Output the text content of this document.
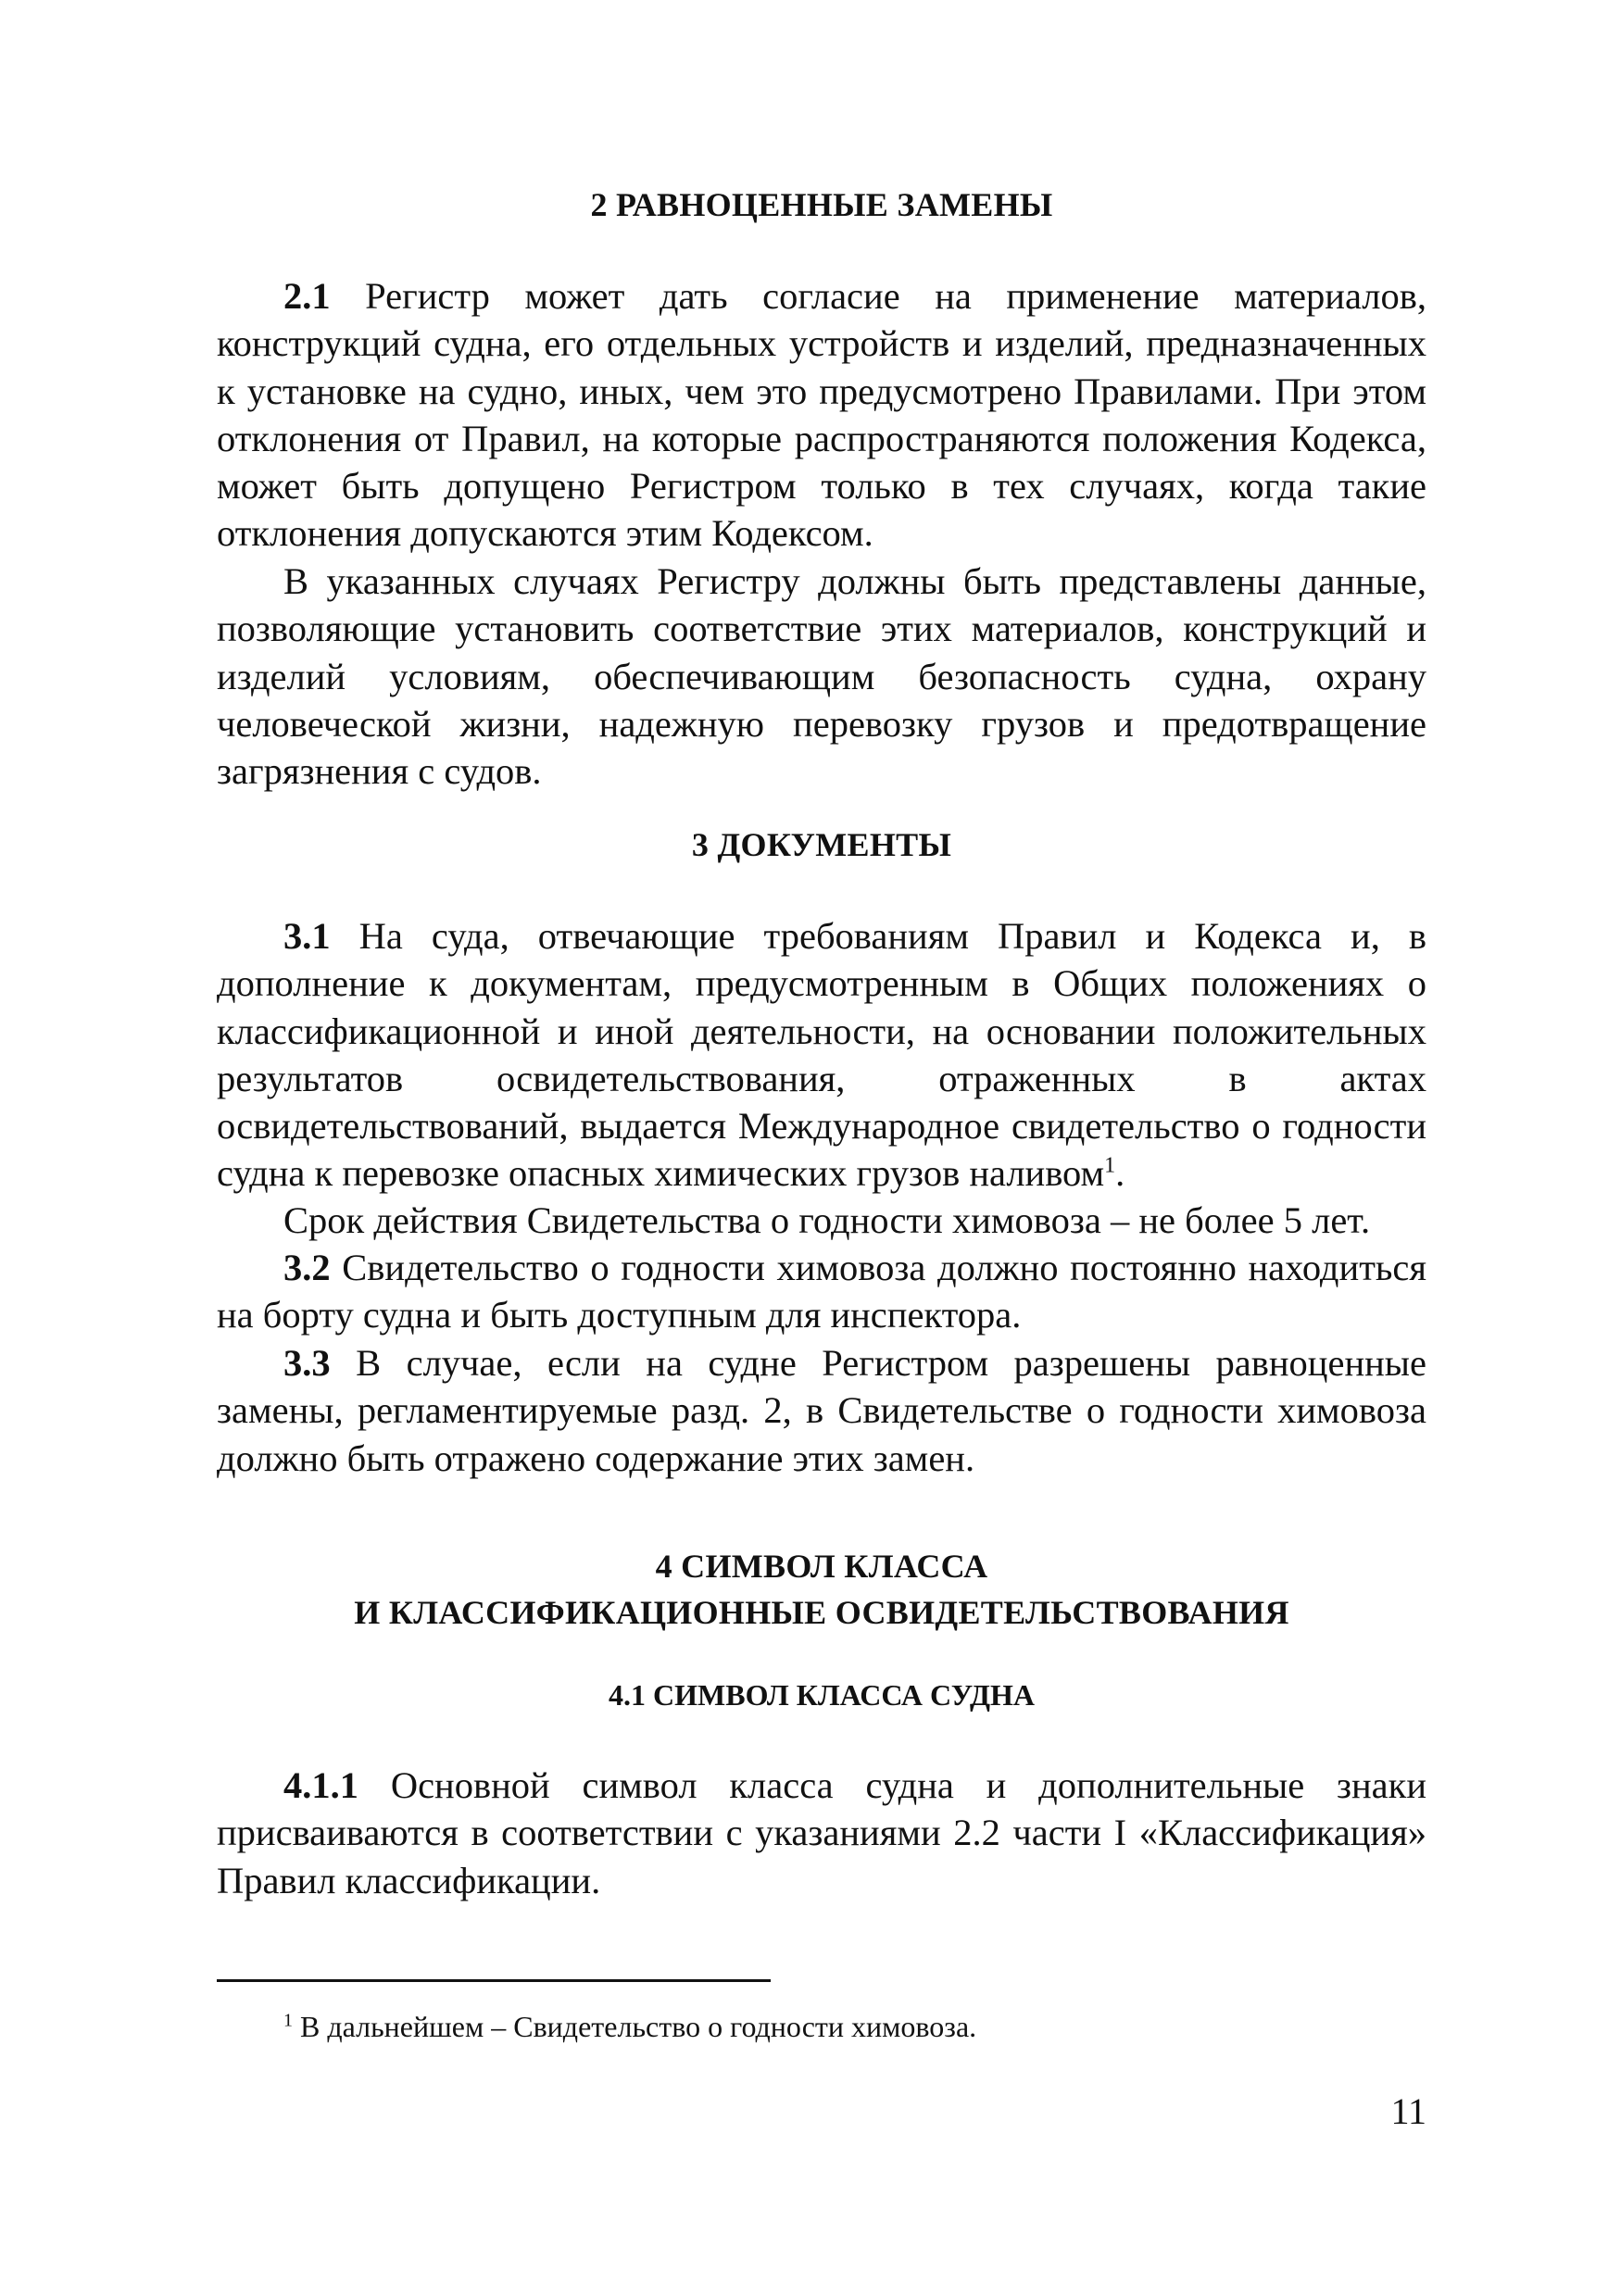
2 РАВНОЦЕННЫЕ ЗАМЕНЫ

2.1 Регистр может дать согласие на применение материалов, конструкций судна, его отдельных устройств и изделий, предназначенных к установке на судно, иных, чем это предусмотрено Правилами. При этом отклонения от Правил, на которые распространяются положения Кодекса, может быть допущено Регистром только в тех случаях, когда такие отклонения допускаются этим Кодексом.

В указанных случаях Регистру должны быть представлены данные, позволяющие установить соответствие этих материалов, конструкций и изделий условиям, обеспечивающим безопасность судна, охрану человеческой жизни, надежную перевозку грузов и предотвращение загрязнения с судов.

3 ДОКУМЕНТЫ

3.1 На суда, отвечающие требованиям Правил и Кодекса и, в дополнение к документам, предусмотренным в Общих положениях о классификационной и иной деятельности, на основании положительных результатов освидетельствования, отраженных в актах освидетельствований, выдается Международное свидетельство о годности судна к перевозке опасных химических грузов наливом$^1$.

Срок действия Свидетельства о годности химовоза – не более 5 лет.

3.2 Свидетельство о годности химовоза должно постоянно находиться на борту судна и быть доступным для инспектора.

3.3 В случае, если на судне Регистром разрешены равноценные замены, регламентируемые разд. 2, в Свидетельстве о годности химовоза должно быть отражено содержание этих замен.

4 СИМВОЛ КЛАССА
И КЛАССИФИКАЦИОННЫЕ ОСВИДЕТЕЛЬСТВОВАНИЯ
4.1 СИМВОЛ КЛАССА СУДНА

4.1.1 Основной символ класса судна и дополнительные знаки присваиваются в соответствии с указаниями 2.2 части I «Классификация» Правил классификации.

$^1$ В дальнейшем – Свидетельство о годности химовоза.
11
